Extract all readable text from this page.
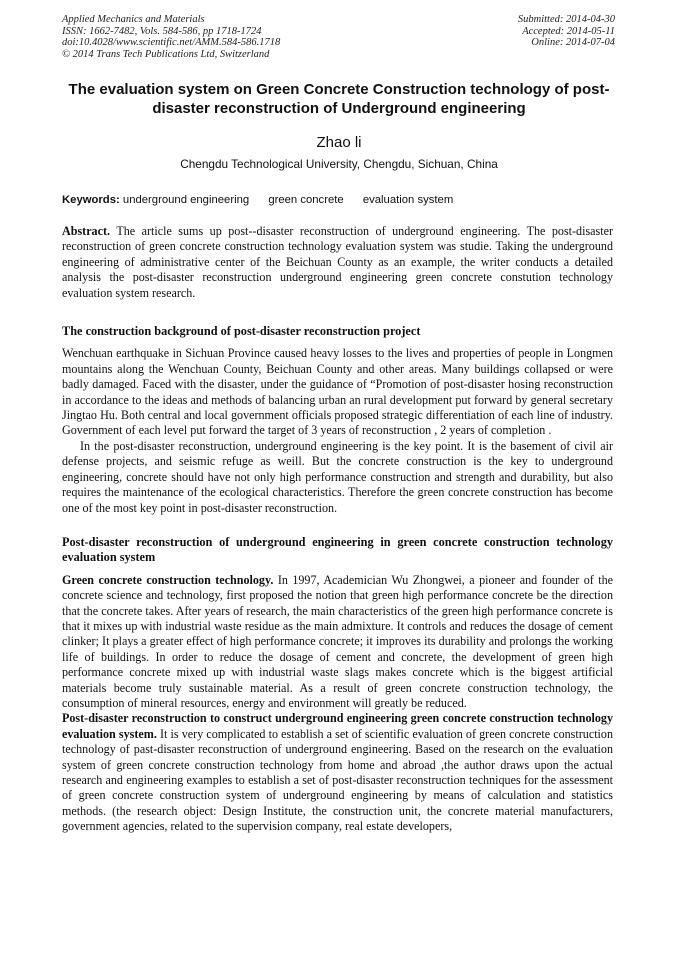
Applied Mechanics and Materials
ISSN: 1662-7482, Vols. 584-586, pp 1718-1724
doi:10.4028/www.scientific.net/AMM.584-586.1718
© 2014 Trans Tech Publications Ltd, Switzerland
Submitted: 2014-04-30
Accepted: 2014-05-11
Online: 2014-07-04
The evaluation system on Green Concrete Construction technology of post-disaster reconstruction of Underground engineering
Zhao li
Chengdu Technological University, Chengdu, Sichuan, China
Keywords: underground engineering green concrete evaluation system

Abstract. The article sums up post--disaster reconstruction of underground engineering. The post-disaster reconstruction of green concrete construction technology evaluation system was studie. Taking the underground engineering of administrative center of the Beichuan County as an example, the writer conducts a detailed analysis the post-disaster reconstruction underground engineering green concrete constution technology evaluation system research.

The construction background of post-disaster reconstruction project

Wenchuan earthquake in Sichuan Province caused heavy losses to the lives and properties of people in Longmen mountains along the Wenchuan County, Beichuan County and other areas. Many buildings collapsed or were badly damaged. Faced with the disaster, under the guidance of “Promotion of post-disaster hosing reconstruction in accordance to the ideas and methods of balancing urban an rural development put forward by general secretary Jingtao Hu. Both central and local government officials proposed strategic differentiation of each line of industry. Government of each level put forward the target of 3 years of reconstruction , 2 years of completion .

In the post-disaster reconstruction, underground engineering is the key point. It is the basement of civil air defense projects, and seismic refuge as weill. But the concrete construction is the key to underground engineering, concrete should have not only high performance construction and strength and durability, but also requires the maintenance of the ecological characteristics. Therefore the green concrete construction has become one of the most key point in post-disaster reconstruction.

Post-disaster reconstruction of underground engineering in green concrete construction technology evaluation system

Green concrete construction technology. In 1997, Academician Wu Zhongwei, a pioneer and founder of the concrete science and technology, first proposed the notion that green high performance concrete be the direction that the concrete takes. After years of research, the main characteristics of the green high performance concrete is that it mixes up with industrial waste residue as the main admixture. It controls and reduces the dosage of cement clinker; It plays a greater effect of high performance concrete; it improves its durability and prolongs the working life of buildings. In order to reduce the dosage of cement and concrete, the development of green high performance concrete mixed up with industrial waste slags makes concrete which is the biggest artificial materials become truly sustainable material. As a result of green concrete construction technology, the consumption of mineral resources, energy and environment will greatly be reduced.

Post-disaster reconstruction to construct underground engineering green concrete construction technology evaluation system. It is very complicated to establish a set of scientific evaluation of green concrete construction technology of past-disaster reconstruction of underground engineering. Based on the research on the evaluation system of green concrete construction technology from home and abroad ,the author draws upon the actual research and engineering examples to establish a set of post-disaster reconstruction techniques for the assessment of green concrete construction system of underground engineering by means of calculation and statistics methods. (the research object: Design Institute, the construction unit, the concrete material manufacturers, government agencies, related to the supervision company, real estate developers,
